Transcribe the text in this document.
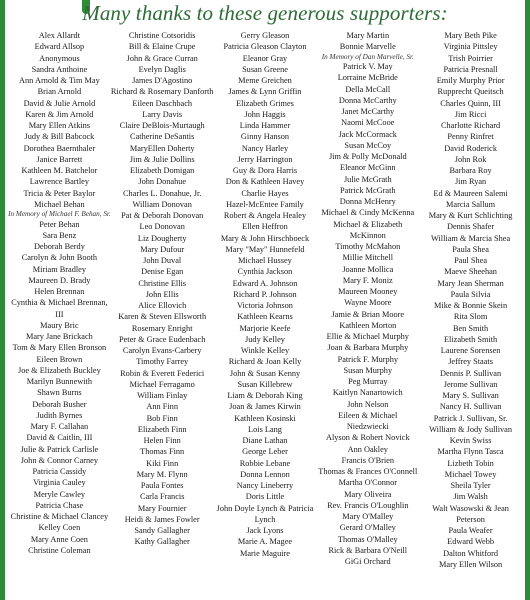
Many thanks to these generous supporters:
Alex Allardt
Edward Allsop
Anonymous
Sandra Anthoine
Ann Arnold & Tim May
Brian Arnold
David & Julie Arnold
Karen & Jim Arnold
Mary Ellen Atkins
Judy & Bill Babcock
Dorothea Baernthaler
Janice Barrett
Kathleen M. Batchelor
Lawrence Bartley
Tricia & Peter Baylor
Michael Behan
In Memory of Michael F. Behan, Sr.
Peter Behan
Sara Benz
Deborah Berdy
Carolyn & John Booth
Miriam Bradley
Maureen D. Brady
Helen Brennan
Cynthia & Michael Brennan, III
Maury Bric
Mary Jane Brickach
Tom & Mary Ellen Bronson
Eileen Brown
Joe & Elizabeth Buckley
Marilyn Bunnewith
Shawn Burns
Deborah Busher
Judith Byrnes
Mary F. Callahan
David & Caitlin, III
Julie & Patrick Carlisle
John & Connor Carney
Patricia Cassidy
Virginia Cauley
Meryle Cawley
Patricia Chase
Christine & Michael Clancey
Kelley Coen
Mary Anne Coen
Christine Coleman
Christine Cotsoridis
Bill & Elaine Crupe
John & Grace Curran
Evelyn Daglis
James D'Agostino
Richard & Rosemary Danforth
Eileen Daschbach
Larry Davis
Claire DeBlois-Murtaugh
Catherine DeSantis
MaryEllen Doherty
Jim & Julie Dollins
Elizabeth Domigan
John Donahue
Charles L. Donahue, Jr.
William Donovan
Pat & Deborah Donovan
Leo Donovan
Liz Dougherty
Mary Dufour
John Duval
Denise Egan
Christine Ellis
John Ellis
Alice Ellovich
Karen & Steven Ellsworth
Rosemary Enright
Peter & Grace Eudenbach
Carolyn Evans-Carbery
Timothy Farrey
Robin & Everett Federici
Michael Ferragamo
William Finlay
Ann Finn
Bob Finn
Elizabeth Finn
Helen Finn
Thomas Finn
Kiki Finn
Mary M. Flynn
Paula Fontes
Carla Francis
Mary Fournier
Heidi & James Fowler
Sandy Gallagher
Kathy Gallagher
Gerry Gleason
Patricia Gleason Clayton
Eleanor Gray
Susan Greene
Meme Greichen
James & Lynn Griffin
Elizabeth Grimes
John Haggis
Linda Hammer
Ginny Hanson
Nancy Harley
Jerry Harrington
Guy & Dora Harris
Don & Kathleen Havey
Charlie Hayes
Hazel-McEntee Family
Robert & Angela Healey
Ellen Heffron
Mary & John Hirschboeck
Mary "May" Hunnefeld
Michael Hussey
Cynthia Jackson
Edward A. Johnson
Richard P. Johnson
Victoria Johnson
Kathleen Kearns
Marjorie Keefe
Judy Kelley
Winkle Kelley
Richard & Joan Kelly
John & Susan Kenny
Susan Killebrew
Liam & Deborah King
Joan & James Kirwin
Kathleen Kosinski
Lois Lang
Diane Lathan
George Leber
Robbie Lebane
Donna Lennon
Nancy Lineberry
Doris Little
John Doyle Lynch & Patricia Lynch
Jack Lyons
Marie A. Magee
Marie Maguire
Mary Martin
Bonnie Marvelle
In Memory of Dan Marvelle, Sr.
Patrick V. May
Lorraine McBride
Della McCall
Donna McCarthy
Janet McCarthy
Naomi McCooe
Jack McCormack
Susan McCoy
Jim & Polly McDonald
Eleanor McGinn
Julie McGrath
Patrick McGrath
Donna McHenry
Michael & Cindy McKenna
Michael & Elizabeth McKinnon
Timothy McMahon
Millie Mitchell
Joanne Mollica
Mary F. Moniz
Maureen Mooney
Wayne Moore
Jamie & Brian Moore
Kathleen Morton
Ellie & Michael Murphy
Joan & Barbara Murphy
Patrick F. Murphy
Susan Murphy
Peg Murray
Kaitlyn Nanartowich
John Nelson
Eileen & Michael Niedzwiecki
Alyson & Robert Novick
Ann Oakley
Francis O'Brien
Thomas & Frances O'Connell
Martha O'Connor
Mary Oliveira
Rev. Francis O'Loughlin
Mary O'Malley
Gerard O'Malley
Thomas O'Malley
Rick & Barbara O'Neill
GiGi Orchard
Mary Beth Pike
Virginia Pittsley
Trish Poirrier
Patricia Presnall
Emily Murphy Prior
Rupprecht Queitsch
Charles Quinn, III
Jim Ricci
Charlotte Richard
Penny Rinfret
David Roderick
John Rok
Barbara Roy
Jim Ryan
Ed & Maureen Salemi
Marcia Sallum
Mary & Kurt Schlichting
Dennis Shafer
William & Marcia Shea
Paula Shea
Paul Shea
Maeve Sheehan
Mary Jean Sherman
Paula Silvia
Mike & Bonnie Skein
Rita Slom
Ben Smith
Elizabeth Smith
Laurene Sorensen
Jeffrey Staats
Dennis P. Sullivan
Jerome Sullivan
Mary S. Sullivan
Nancy H. Sullivan
Patrick J. Sullivan, Sr.
William & Jody Sullivan
Kevin Swiss
Martha Flynn Tasca
Lizbeth Tobin
Michael Towey
Sheila Tyler
Jim Walsh
Walt Wasowski & Jean Peterson
Paula Weafer
Edward Webb
Dalton Whitford
Mary Ellen Wilson
